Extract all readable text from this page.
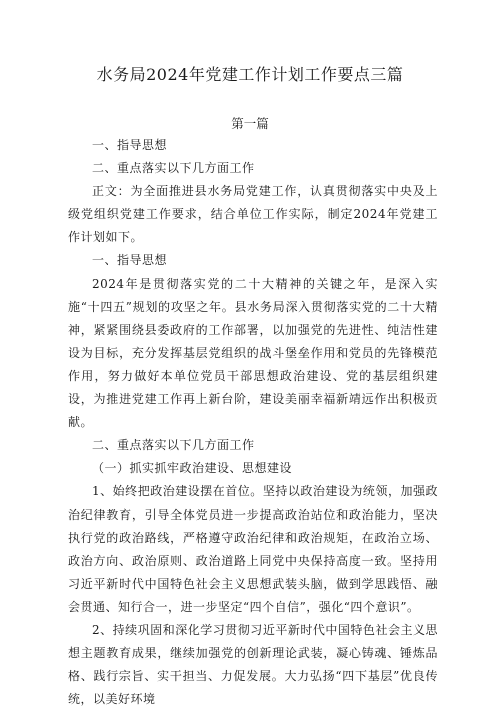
水务局2024年党建工作计划工作要点三篇
第一篇

一、指导思想

二、重点落实以下几方面工作

正文：为全面推进县水务局党建工作，认真贯彻落实中央及上级党组织党建工作要求，结合单位工作实际，制定2024年党建工作计划如下。

一、指导思想

2024年是贯彻落实党的二十大精神的关键之年，是深入实施“十四五”规划的攻坚之年。县水务局深入贯彻落实党的二十大精神，紧紧围绕县委政府的工作部署，以加强党的先进性、纯洁性建设为目标，充分发挥基层党组织的战斗堡垒作用和党员的先锋模范作用，努力做好本单位党员干部思想政治建设、党的基层组织建设，为推进党建工作再上新台阶，建设美丽幸福新靖远作出积极贡献。

二、重点落实以下几方面工作

（一）抓实抓牢政治建设、思想建设

1、始终把政治建设摆在首位。坚持以政治建设为统领，加强政治纪律教育，引导全体党员进一步提高政治站位和政治能力，坚决执行党的政治路线，严格遵守政治纪律和政治规矩，在政治立场、政治方向、政治原则、政治道路上同党中央保持高度一致。坚持用习近平新时代中国特色社会主义思想武装头脑，做到学思践悟、融会贯通、知行合一，进一步坚定“四个自信”，强化“四个意识”。

2、持续巩固和深化学习贯彻习近平新时代中国特色社会主义思想主题教育成果，继续加强党的创新理论武装，凝心铸魂、锤炼品格、践行宗旨、实干担当、力促发展。大力弘扬“四下基层”优良传统，以美好环境
